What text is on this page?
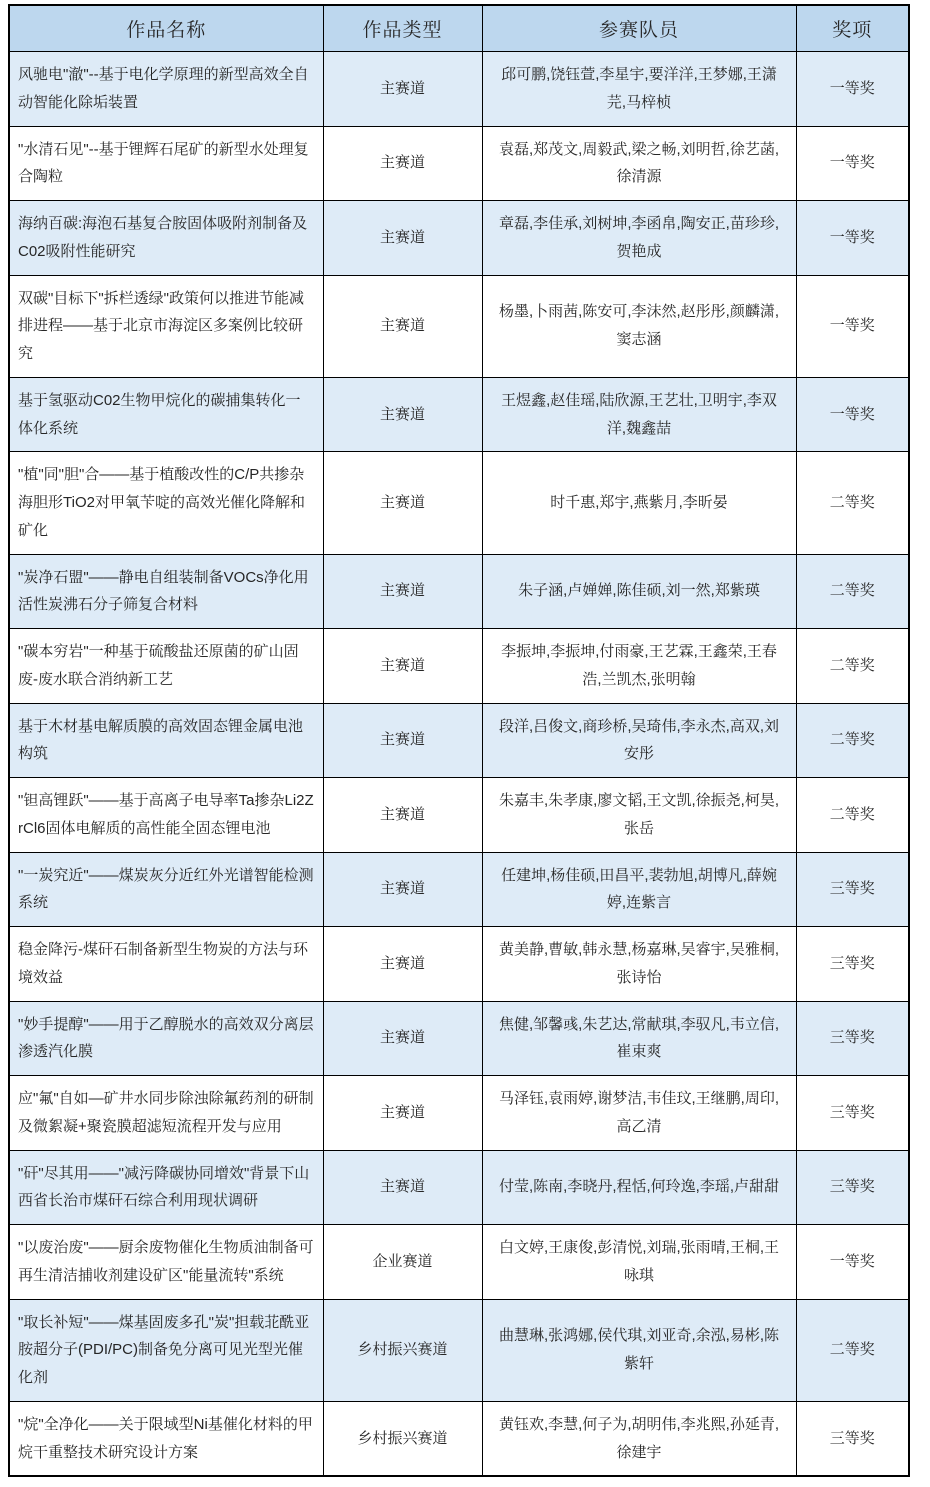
作品名称	作品类型	参赛队员	奖项
风驰电"澈"--基于电化学原理的新型高效全自动智能化除垢装置	主赛道	邱可鹏,饶钰萱,李星宇,要洋洋,王梦娜,王潇芫,马梓桢	一等奖
"水清石见"--基于锂辉石尾矿的新型水处理复合陶粒	主赛道	袁磊,郑茂文,周毅武,梁之畅,刘明哲,徐艺菡,徐清源	一等奖
海纳百碳:海泡石基复合胺固体吸附剂制备及C02吸附性能研究	主赛道	章磊,李佳承,刘树坤,李函帛,陶安正,苗珍珍,贺艳成	一等奖
双碳"目标下"拆栏透绿"政策何以推进节能减排进程——基于北京市海淀区多案例比较研究	主赛道	杨墨,卜雨茜,陈安可,李沫然,赵彤彤,颜麟潇,窦志涵	一等奖
基于氢驱动C02生物甲烷化的碳捕集转化一体化系统	主赛道	王煜鑫,赵佳瑶,陆欣源,王艺壮,卫明宇,李双洋,魏鑫喆	一等奖
"植"同"胆"合——基于植酸改性的C/P共掺杂海胆形TiO2对甲氧苄啶的高效光催化降解和矿化	主赛道	时千惠,郑宇,燕紫月,李昕晏	二等奖
"炭净石盟"——静电自组装制备VOCs净化用活性炭沸石分子筛复合材料	主赛道	朱子涵,卢婵婵,陈佳硕,刘一然,郑紫瑛	二等奖
"碳本穷岩"一种基于硫酸盐还原菌的矿山固废-废水联合消纳新工艺	主赛道	李振坤,李振坤,付雨豪,王艺霖,王鑫荣,王春浩,兰凯杰,张明翰	二等奖
基于木材基电解质膜的高效固态锂金属电池构筑	主赛道	段洋,吕俊文,商珍桥,吴琦伟,李永杰,高双,刘安彤	二等奖
"钽高锂跃"——基于高离子电导率Ta掺杂Li2ZrCl6固体电解质的高性能全固态锂电池	主赛道	朱嘉丰,朱孝康,廖文韬,王文凯,徐振尧,柯昊,张岳	二等奖
"一炭究近"——煤炭灰分近红外光谱智能检测系统	主赛道	任建坤,杨佳硕,田昌平,裴勃旭,胡博凡,薛婉婷,连紫言	三等奖
稳金降污-煤矸石制备新型生物炭的方法与环境效益	主赛道	黄美静,曹敏,韩永慧,杨嘉琳,吴睿宇,吴雅桐,张诗怡	三等奖
"妙手提醇"——用于乙醇脱水的高效双分离层渗透汽化膜	主赛道	焦健,邹馨彧,朱艺达,常献琪,李驭凡,韦立信,崔束爽	三等奖
应"氟"自如—矿井水同步除浊除氟药剂的研制及微絮凝+聚瓷膜超滤短流程开发与应用	主赛道	马泽钰,袁雨婷,谢梦洁,韦佳玟,王继鹏,周印,高乙清	三等奖
"矸"尽其用——"减污降碳协同增效"背景下山西省长治市煤矸石综合利用现状调研	主赛道	付莹,陈南,李晓丹,程恬,何玲逸,李瑶,卢甜甜	三等奖
"以废治废"——厨余废物催化生物质油制备可再生清洁捕收剂建设矿区"能量流转"系统	企业赛道	白文婷,王康俊,彭清悦,刘瑞,张雨晴,王桐,王咏琪	一等奖
"取长补短"——煤基固废多孔"炭"担载苝酰亚胺超分子(PDI/PC)制备免分离可见光型光催化剂	乡村振兴赛道	曲慧琳,张鸿娜,侯代琪,刘亚奇,余泓,易彬,陈紫轩	二等奖
"烷"全净化——关于限域型Ni基催化材料的甲烷干重整技术研究设计方案	乡村振兴赛道	黄钰欢,李慧,何子为,胡明伟,李兆熙,孙延青,徐建宇	三等奖
